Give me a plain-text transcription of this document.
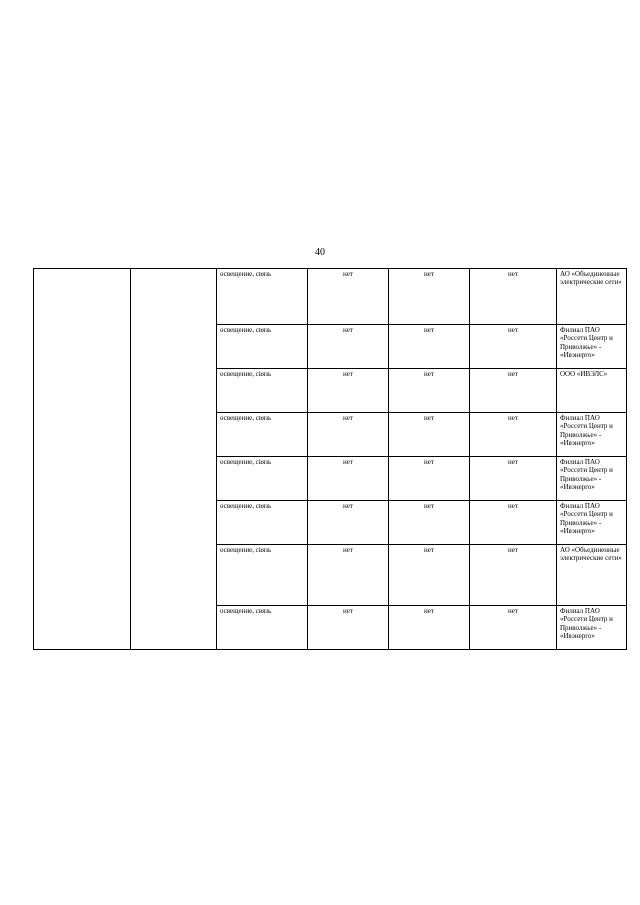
40
		освещение, связь	нет	нет	нет	АО «Объединенные электрические сети»
		освещение, связь	нет	нет	нет	Филиал ПАО «Россети Центр и Приволжье» - «Ивэнерго»
		освещение, связь	нет	нет	нет	ООО «ИВЭЛС»
		освещение, связь	нет	нет	нет	Филиал ПАО «Россети Центр и Приволжье» - «Ивэнерго»
		освещение, связь	нет	нет	нет	Филиал ПАО «Россети Центр и Приволжье» - «Ивэнерго»
		освещение, связь	нет	нет	нет	Филиал ПАО «Россети Центр и Приволжье» - «Ивэнерго»
		освещение, связь	нет	нет	нет	АО «Объединенные электрические сети»
		освещение, связь	нет	нет	нет	Филиал ПАО «Россети Центр и Приволжье» - «Ивэнерго»
